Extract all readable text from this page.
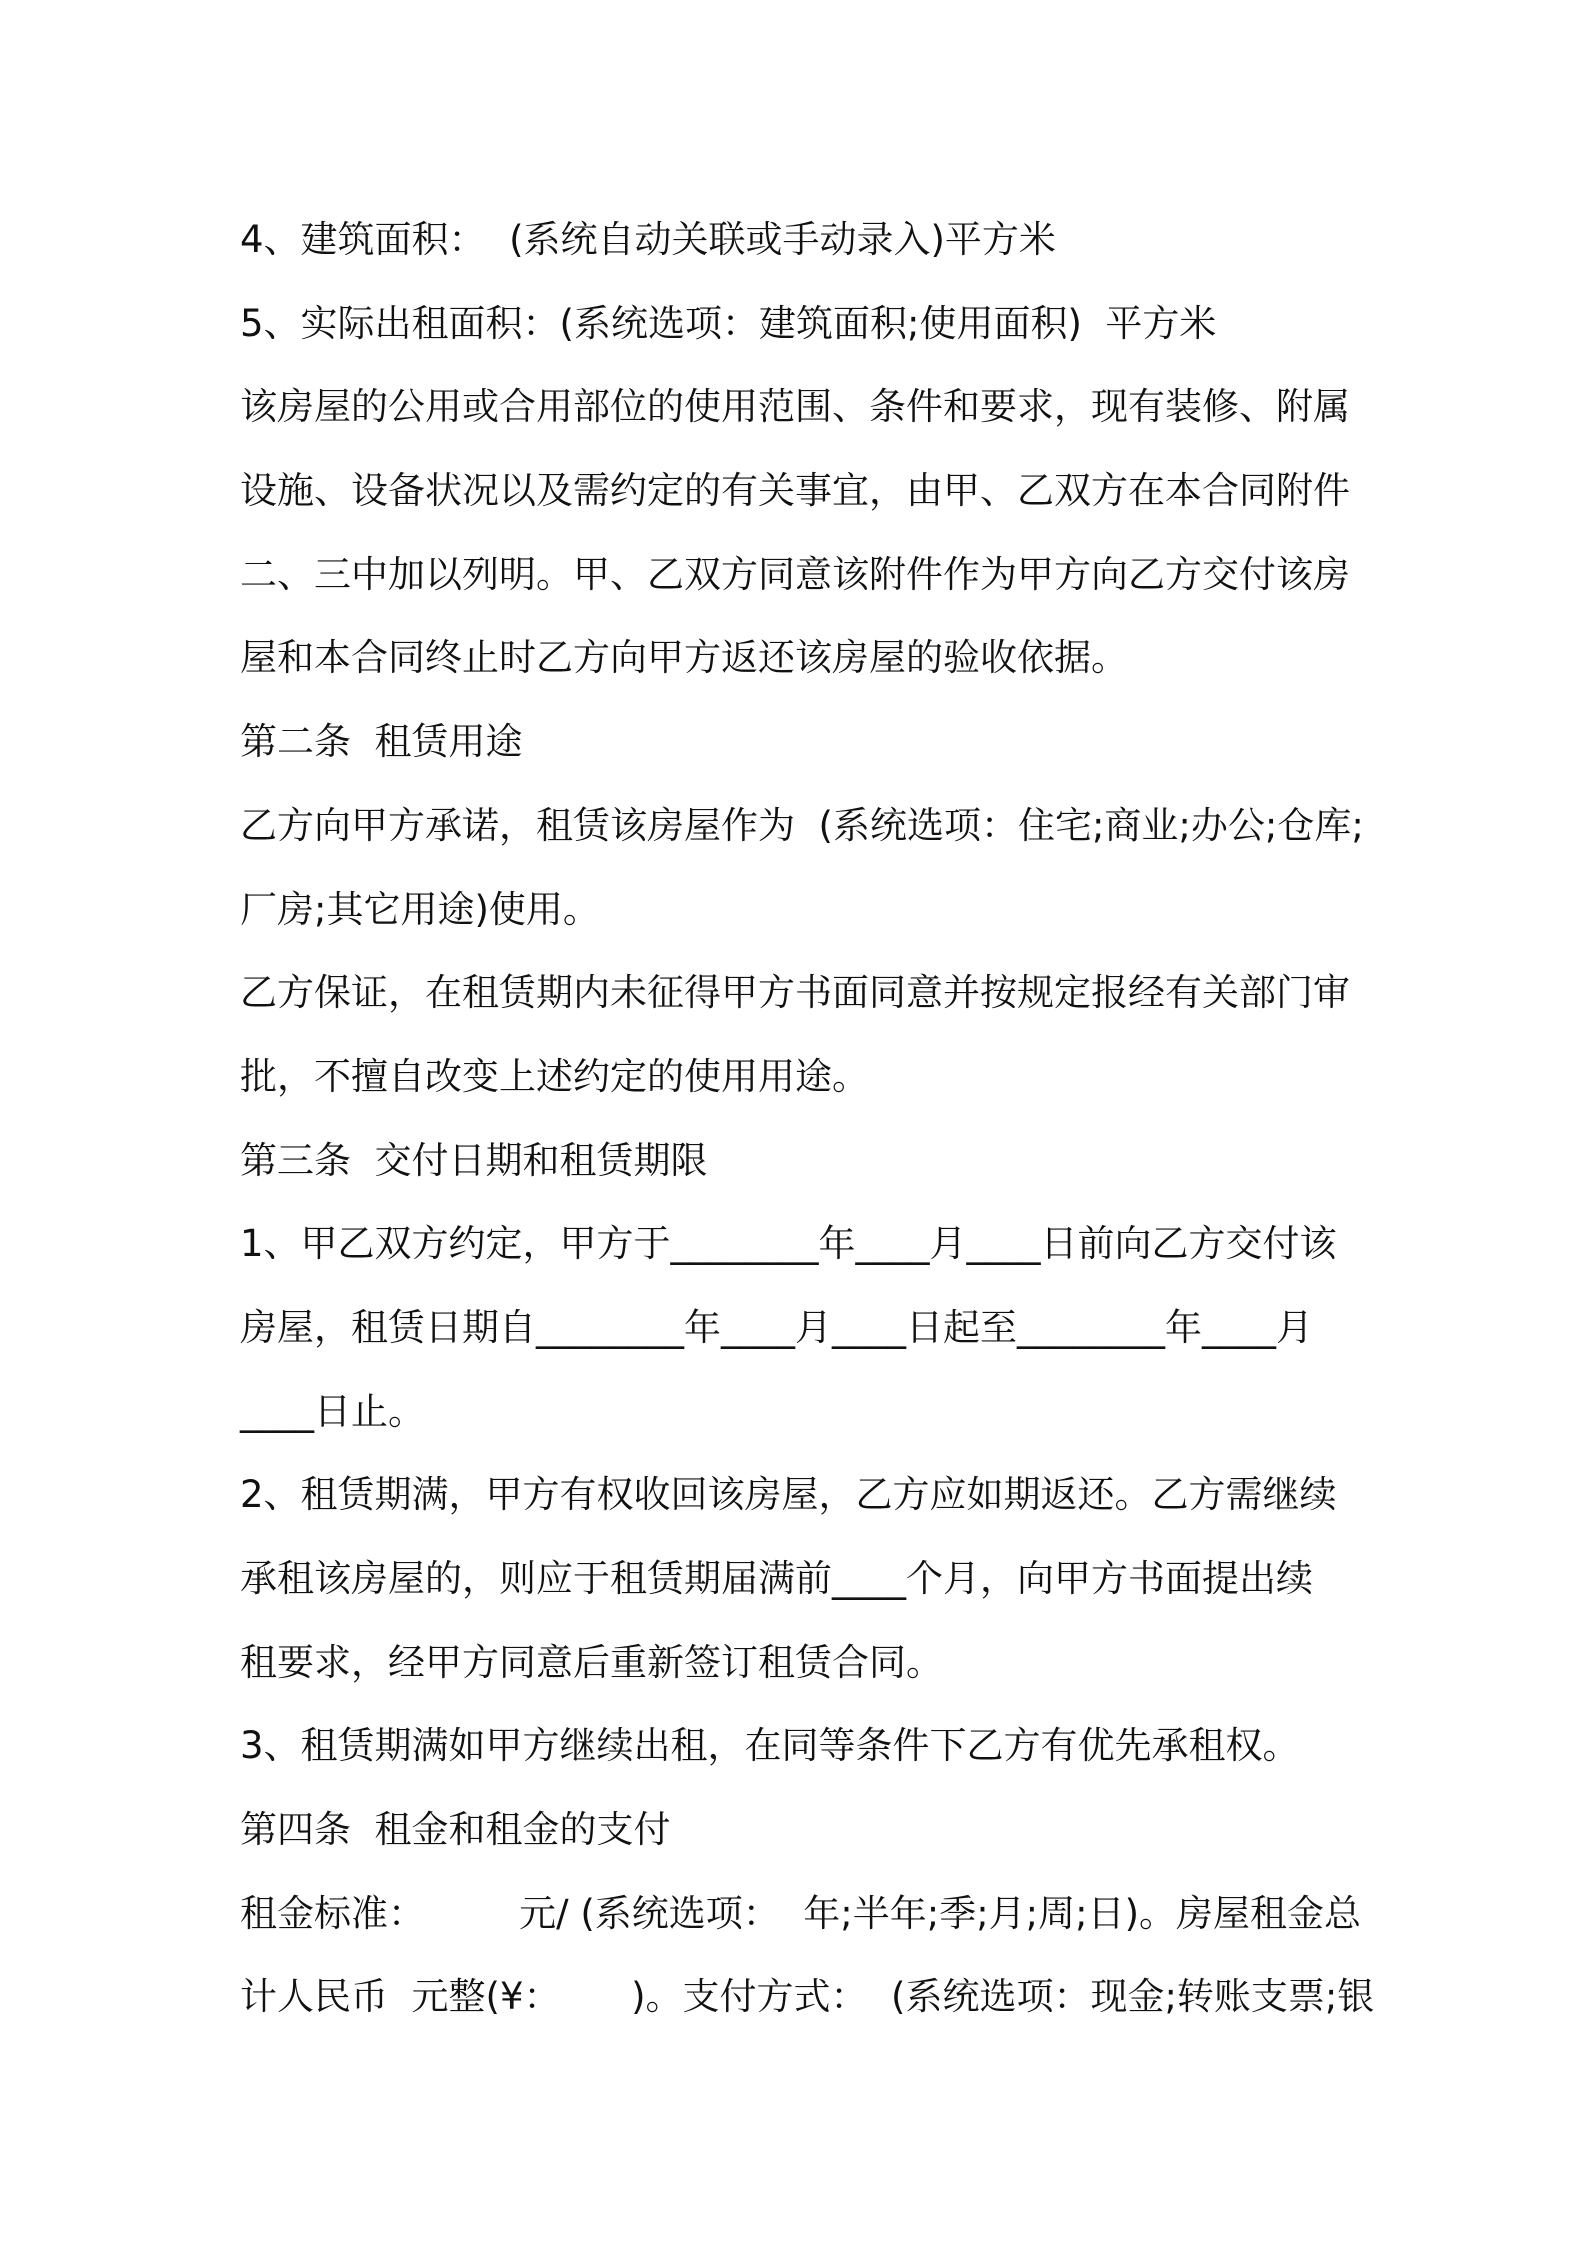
4、建筑面积：  (系统自动关联或手动录入)平方米
5、实际出租面积：(系统选项：建筑面积;使用面积)  平方米
该房屋的公用或合用部位的使用范围、条件和要求，现有装修、附属
设施、设备状况以及需约定的有关事宜，由甲、乙双方在本合同附件
二、三中加以列明。甲、乙双方同意该附件作为甲方向乙方交付该房
屋和本合同终止时乙方向甲方返还该房屋的验收依据。
第二条  租赁用途
乙方向甲方承诺，租赁该房屋作为  (系统选项：住宅;商业;办公;仓库;
厂房;其它用途)使用。
乙方保证，在租赁期内未征得甲方书面同意并按规定报经有关部门审
批，不擅自改变上述约定的使用用途。
第三条  交付日期和租赁期限
1、甲乙双方约定，甲方于________年____月____日前向乙方交付该
房屋，租赁日期自________年____月____日起至________年____月
____日止。
2、租赁期满，甲方有权收回该房屋，乙方应如期返还。乙方需继续
承租该房屋的，则应于租赁期届满前____个月，向甲方书面提出续
租要求，经甲方同意后重新签订租赁合同。
3、租赁期满如甲方继续出租，在同等条件下乙方有优先承租权。
第四条  租金和租金的支付
租金标准：        元/ (系统选项：  年;半年;季;月;周;日)。房屋租金总
计人民币  元整(¥：      )。支付方式：  (系统选项：现金;转账支票;银
